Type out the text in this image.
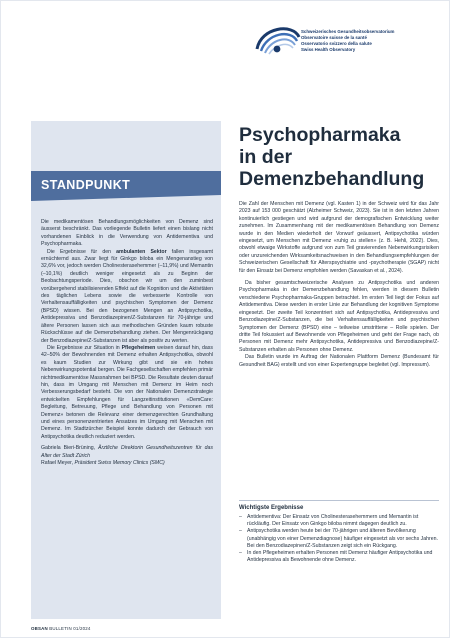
Schweizerisches Gesundheitsobservatorium
Observatoire suisse de la santé
Osservatorio svizzero della salute
Swiss Health Observatory
STANDPUNKT

Die medikamentösen Behandlungsmöglichkeiten von Demenz sind äusserst beschränkt. Das vorliegende Bulletin liefert einen bislang nicht vorhandenen Einblick in die Verwendung von Antidementiva und Psychopharmaka.

Die Ergebnisse für den ambulanten Sektor fallen insgesamt ernüchternd aus. Zwar liegt für Ginkgo biloba ein Mengenanstieg von 32,6% vor, jedoch werden Cholinesterasehemmer (–11,9%) und Memantin (–10,1%) deutlich weniger eingesetzt als zu Beginn der Beobachtungsperiode. Dies, obschon wir um den zuminbest vorübergehend stabilisierenden Effekt auf die Kognition und die Aktivitäten des täglichen Lebens sowie die verbesserte Kontrolle von Verhaltensauffälligkeiten und psychischen Symptomen der Demenz (BPSD) wissen. Bei den bezogenen Mengen an Antipsychotika, Antidepressiva und Benzodiazepinen/Z-Substanzen für 70-jährige und ältere Personen lassen sich aus methodischen Gründen kaum robuste Rückschlüsse auf die Demenzbehandlung ziehen. Der Mengenrückgang der Benzodiazepine/Z-Substanzen ist aber als positiv zu werten.

Die Ergebnisse zur Situation in Pflegeheimen weisen darauf hin, dass 42–50% der Bewohnenden mit Demenz erhalten Antipsychotika, obwohl es kaum Studien zur Wirkung gibt und sie ein hohes Nebenwirkungspotential bergen. Die Fachgesellschaften empfehlen primär nichtmedikamentöse Massnahmen bei BPSD. Die Resultate deuten darauf hin, dass im Umgang mit Menschen mit Demenz im Heim noch Verbesserungsbedarf besteht. Die von der Nationalen Demenzstrategie entwickelten Empfehlungen für Langzeitinstitutionen «DemCare: Begleitung, Betreuung, Pflege und Behandlung von Personen mit Demenz» betonen die Relevanz einer demenzgerechten Grundhaltung und eines personenzentrierten Ansatzes im Umgang mit Menschen mit Demenz. Im Stadtzürcher Beispiel konnte dadurch der Gebrauch von Antipsychotika deutlich reduziert werden.

Gabriela Bieri-Brüning, Ärztliche Direktorin Gesundheitszentren für das Alter der Stadt Zürich
Rafael Meyer, Präsident Swiss Memory Clinics (SMC)
Psychopharmaka
in der
Demenzbehandlung

Die Zahl der Menschen mit Demenz (vgl. Kasten 1) in der Schweiz wird für das Jahr 2023 auf 153 000 geschätzt (Alzheimer Schweiz, 2023). Sie ist in den letzten Jahren kontinuierlich gestiegen und wird aufgrund der demografischen Entwicklung weiter zunehmen. Im Zusammenhang mit der medikamentösen Behandlung von Demenz wurde in den Medien wiederholt der Vorwurf geäussert, Antipsychotika würden eingesetzt, um Menschen mit Demenz «ruhig zu stellen» (z. B. Hehli, 2022). Dies, obwohl etwaige Wirkstoffe aufgrund von zum Teil gravierenden Nebenwirkungsrisiken oder unzureichenden Wirksamkeitsnachweisen in den Behandlungsempfehlungen der Schweizerischen Gesellschaft für Alterspsychiatrie und -psychotherapie (SGAP) nicht für den Einsatz bei Demenz empfohlen werden (Savaskan et al., 2024).

Da bisher gesamtschweizerische Analysen zu Antipsychotika und anderen Psychopharmaka in der Demenzbehandlung fehlen, werden in diesem Bulletin verschiedene Psychopharmaka-Gruppen betrachtet. Im ersten Teil liegt der Fokus auf Antidementiva. Diese werden in erster Linie zur Behandlung der kognitiven Symptome eingesetzt. Der zweite Teil konzentriert sich auf Antipsychotika, Antidepressiva und Benzodiazepine/Z-Substanzen, die bei Verhaltensauffälligkeiten und psychischen Symptomen der Demenz (BPSD) eine – teilweise umstrittene – Rolle spielen. Der dritte Teil fokussiert auf Bewohnende von Pflegeheimen und geht der Frage nach, ob Personen mit Demenz mehr Antipsychotika, Antidepressiva und Benzodiazepine/Z-Substanzen erhalten als Personen ohne Demenz.

Das Bulletin wurde im Auftrag der Nationalen Plattform Demenz (Bundesamt für Gesundheit BAG) erstellt und von einer Expertengruppe begleitet (vgl. Impressum).

Wichtigste Ergebnisse
– Antidementiva: Der Einsatz von Cholinesterasehemmern und Memantin ist rückläufig. Der Einsatz von Ginkgo biloba nimmt dagegen deutlich zu.
– Antipsychotika werden heute bei der 70-jährigen und älteren Bevölkerung (unabhängig von einer Demenzdiagnose) häufiger eingesetzt als vor sechs Jahren. Bei den Benzodiazepinen/Z-Substanzen zeigt sich ein Rückgang.
– In den Pflegeheimen erhalten Personen mit Demenz häufiger Antipsychotika und Antidepressiva als Bewohnende ohne Demenz.
OBSAN BULLETIN 01/2024
